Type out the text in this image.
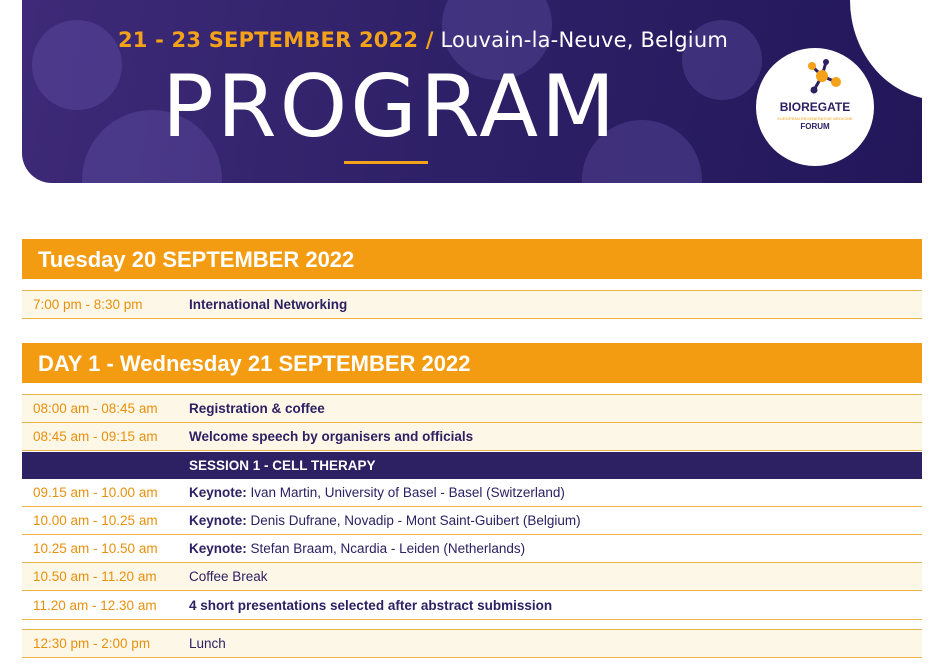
21 - 23 SEPTEMBER 2022 / Louvain-la-Neuve, Belgium
PROGRAM	BIOREGATE
EUROPEAN REGENERATIVE MEDICINE
FORUM
Tuesday 20 SEPTEMBER 2022
7:00 pm - 8:30 pm	International Networking
DAY 1 - Wednesday 21 SEPTEMBER 2022
08:00 am - 08:45 am Registration & coffee
08:45 am - 09:15 am Welcome speech by organisers and officials
SESSION 1 - CELL THERAPY
09.15 am - 10.00 am Keynote: Ivan Martin, University of Basel - Basel (Switzerland)
10.00 am - 10.25 am Keynote: Denis Dufrane, Novadip - Mont Saint-Guibert (Belgium)
10.25 am - 10.50 am Keynote: Stefan Braam, Ncardia - Leiden (Netherlands)
10.50 am - 11.20 am Coffee Break
11.20 am - 12.30 am 4 short presentations selected after abstract submission
12:30 pm - 2:00 pm	Lunch
